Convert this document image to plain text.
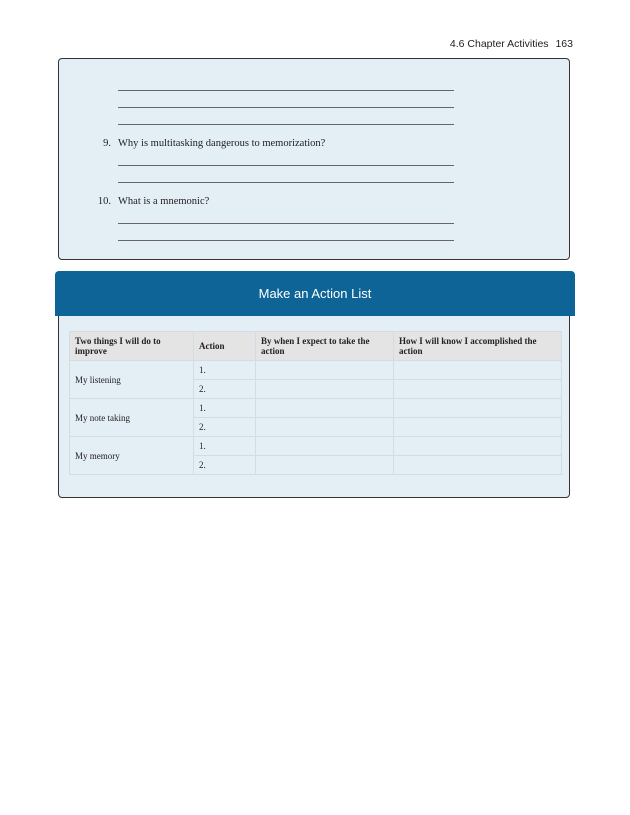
4.6 Chapter Activities 163
9. Why is multitasking dangerous to memorization?
10. What is a mnemonic?
Make an Action List
Two things I will do to improve	Action	By when I expect to take the action	How I will know I accomplished the action
My listening	1.		
	2.		
My note taking	1.		
	2.		
My memory	1.		
	2.		
